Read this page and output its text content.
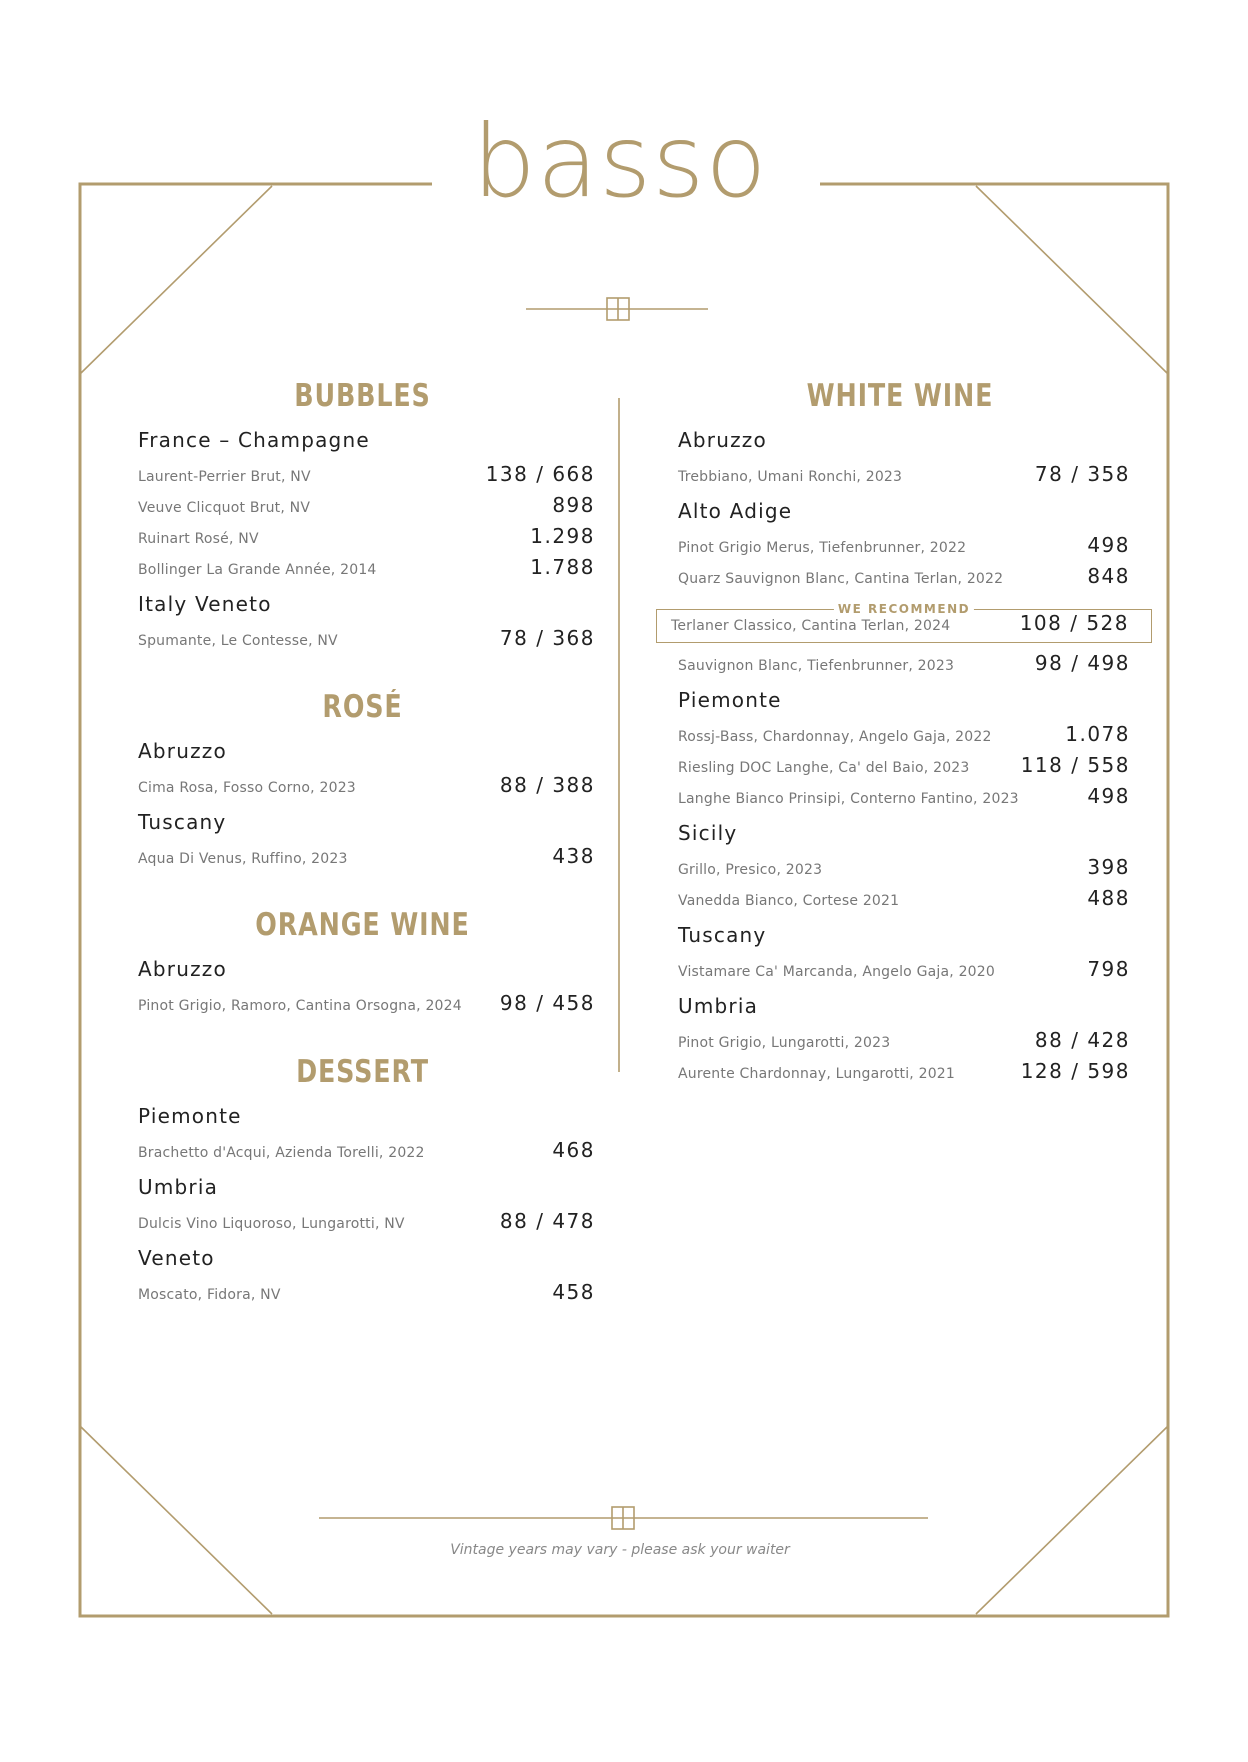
basso
BUBBLES
France – Champagne
Laurent-Perrier Brut, NV	138 / 668
Veuve Clicquot Brut, NV	898
Ruinart Rosé, NV	1.298
Bollinger La Grande Année, 2014	1.788
Italy Veneto
Spumante, Le Contesse, NV	78 / 368
ROSÉ
Abruzzo
Cima Rosa, Fosso Corno, 2023	88 / 388
Tuscany
Aqua Di Venus, Ruffino, 2023	438
ORANGE WINE
Abruzzo
Pinot Grigio, Ramoro, Cantina Orsogna, 2024 98 / 458
DESSERT
Piemonte
Brachetto d'Acqui, Azienda Torelli, 2022	468
Umbria
Dulcis Vino Liquoroso, Lungarotti, NV	88 / 478
Veneto
Moscato, Fidora, NV	458
WHITE WINE
Abruzzo
Trebbiano, Umani Ronchi, 2023	78 / 358
Alto Adige
Pinot Grigio Merus, Tiefenbrunner, 2022	498
Quarz Sauvignon Blanc, Cantina Terlan, 2022	848
WE RECOMMEND
Terlaner Classico, Cantina Terlan, 2024	108 / 528
Sauvignon Blanc, Tiefenbrunner, 2023	98 / 498
Piemonte
Rossj-Bass, Chardonnay, Angelo Gaja, 2022	1.078
Riesling DOC Langhe, Ca' del Baio, 2023	118 / 558
Langhe Bianco Prinsipi, Conterno Fantino, 2023	498
Sicily
Grillo, Presico, 2023	398
Vanedda Bianco, Cortese 2021	488
Tuscany
Vistamare Ca' Marcanda, Angelo Gaja, 2020	798
Umbria
Pinot Grigio, Lungarotti, 2023	88 / 428
Aurente Chardonnay, Lungarotti, 2021	128 / 598
Vintage years may vary - please ask your waiter
